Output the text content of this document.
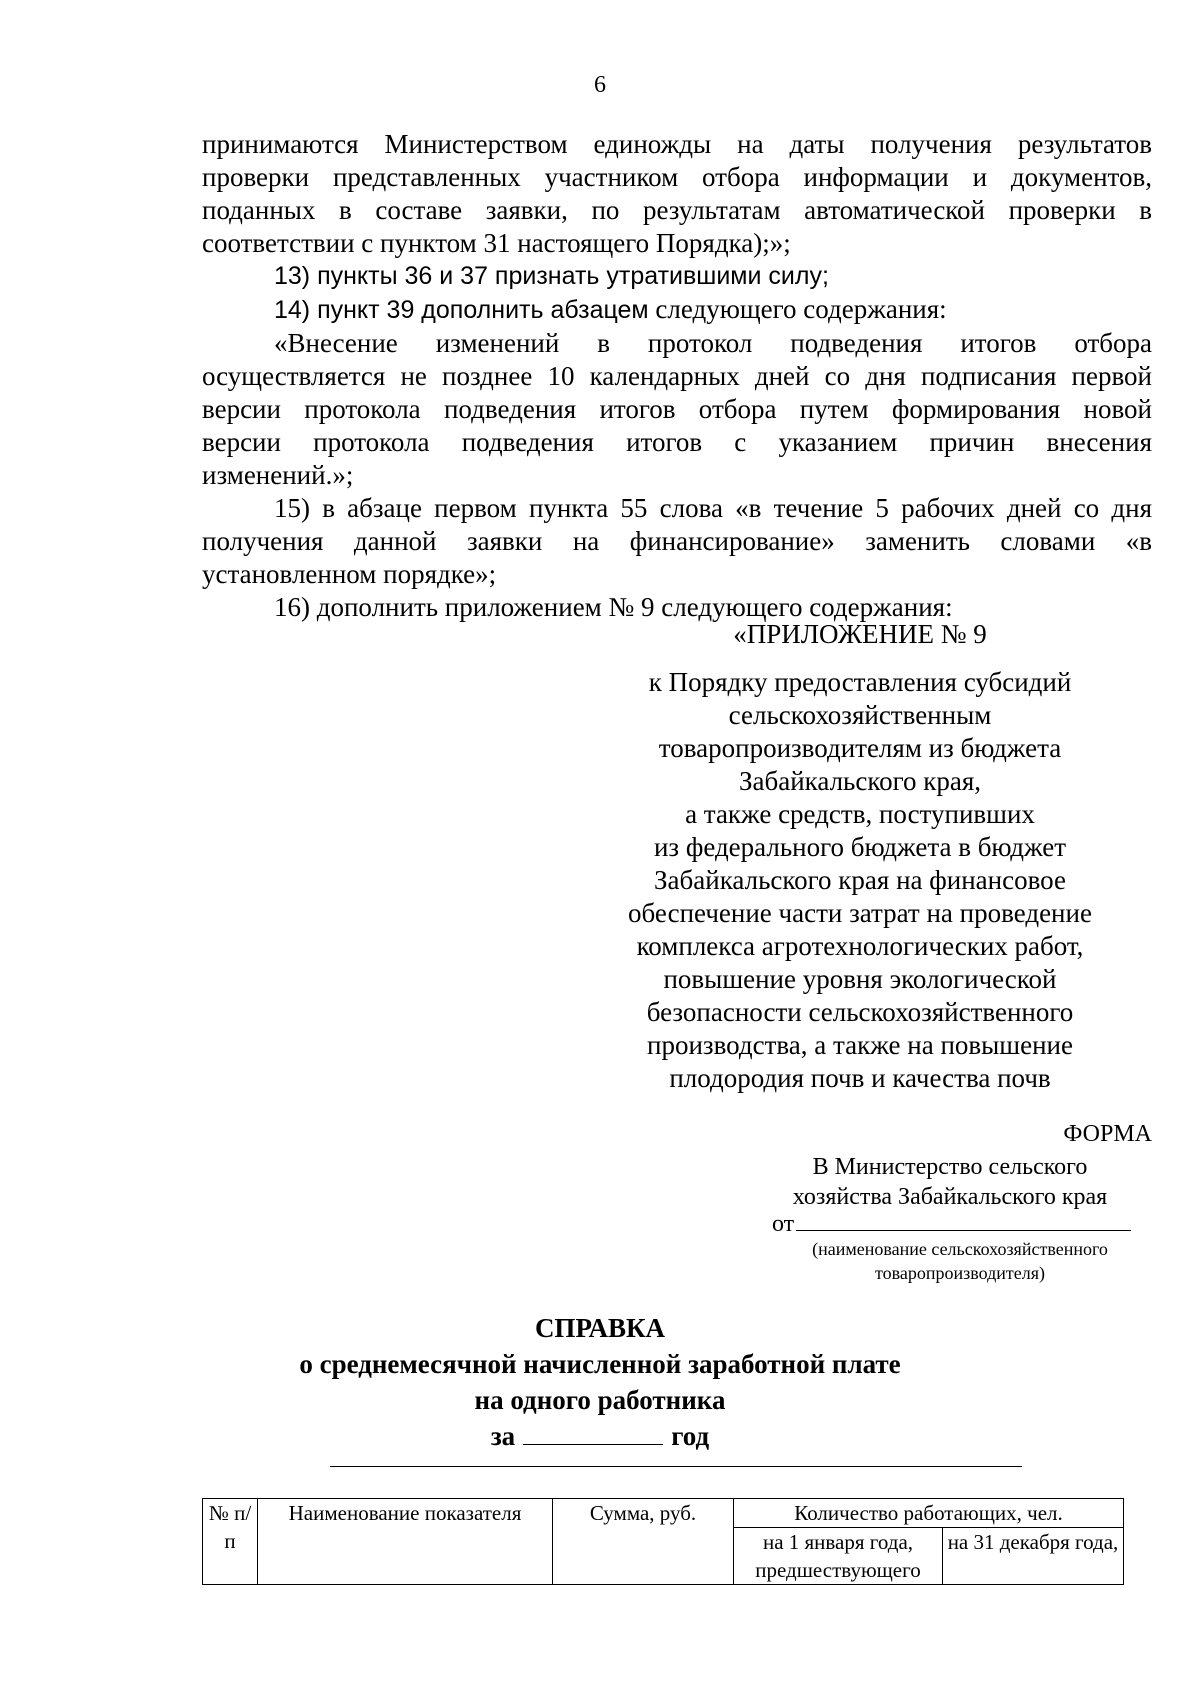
6
принимаются Министерством единожды на даты получения результатов
проверки представленных участником отбора информации и документов,
поданных в составе заявки, по результатам автоматической проверки в
соответствии с пунктом 31 настоящего Порядка);»;
13) пункты 36 и 37 признать утратившими силу;
14) пункт 39 дополнить абзацем следующего содержания:
«Внесение изменений в протокол подведения итогов отбора
осуществляется не позднее 10 календарных дней со дня подписания первой
версии протокола подведения итогов отбора путем формирования новой
версии протокола подведения итогов с указанием причин внесения
изменений.»;
15) в абзаце первом пункта 55 слова «в течение 5 рабочих дней со дня
получения данной заявки на финансирование» заменить словами «в
установленном порядке»;
16) дополнить приложением № 9 следующего содержания:
«ПРИЛОЖЕНИЕ № 9
к Порядку предоставления субсидий
сельскохозяйственным
товаропроизводителям из бюджета
Забайкальского края,
а также средств, поступивших
из федерального бюджета в бюджет
Забайкальского края на финансовое
обеспечение части затрат на проведение
комплекса агротехнологических работ,
повышение уровня экологической
безопасности сельскохозяйственного
производства, а также на повышение
плодородия почв и качества почв
ФОРМА
В Министерство сельского
хозяйства Забайкальского края
от
(наименование сельскохозяйственного
товаропроизводителя)
СПРАВКА
о среднемесячной начисленной заработной плате
на одного работника
за	год
№ п/п	Наименование показателя	Сумма, руб.	Количество работающих, чел.	
			на 1 января года, предшествующего	на 31 декабря года,
